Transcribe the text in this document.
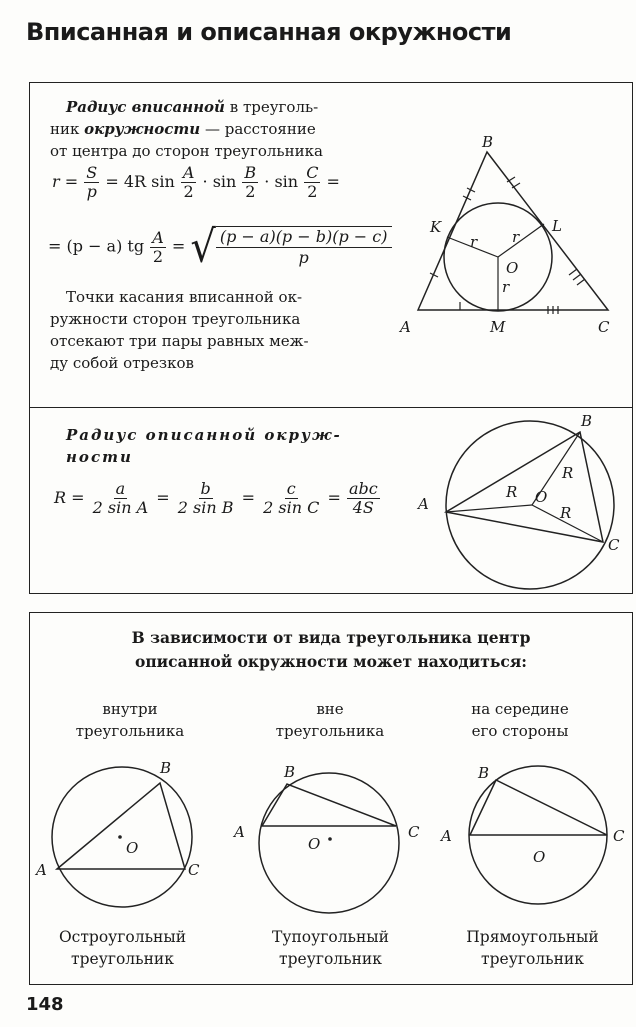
Вписанная и описанная окружности
Радиус вписанной в треуголь-
ник окружности — расстояние
от центра до сторон треугольника
$r = \frac{S}{p} = 4R$ $\sin \frac{A}{2} \cdot \sin \frac{B}{2} \cdot \sin \frac{C}{2}$ =
= (p − a) tg $\frac{A}{2}$ = √ (p − a)(p − b)(p − c)
p
Точки касания вписанной ок-
ружности сторон треугольника
отсекают три пары равных меж-
ду собой отрезков
B
K	L
O
r r
r
A	M	C
Радиус описанной окруж-
ности
$R = \frac{a}{\text{2 sin A}} = \frac{b}{\text{2 sin B}} = \frac{c}{\text{2 sin C}} = \frac{\text{abc}}{4S}$
B
A
C
O
R
R
R
В зависимости от вида треугольника центр
описанной окружности может находиться:
внутри
треугольника
вне
треугольника
на середине
его стороны
B
A	C
O
B
A	C
O
B
A	C
O
Остроугольный
треугольник
Тупоугольный
треугольник
Прямоугольный
треугольник
148
